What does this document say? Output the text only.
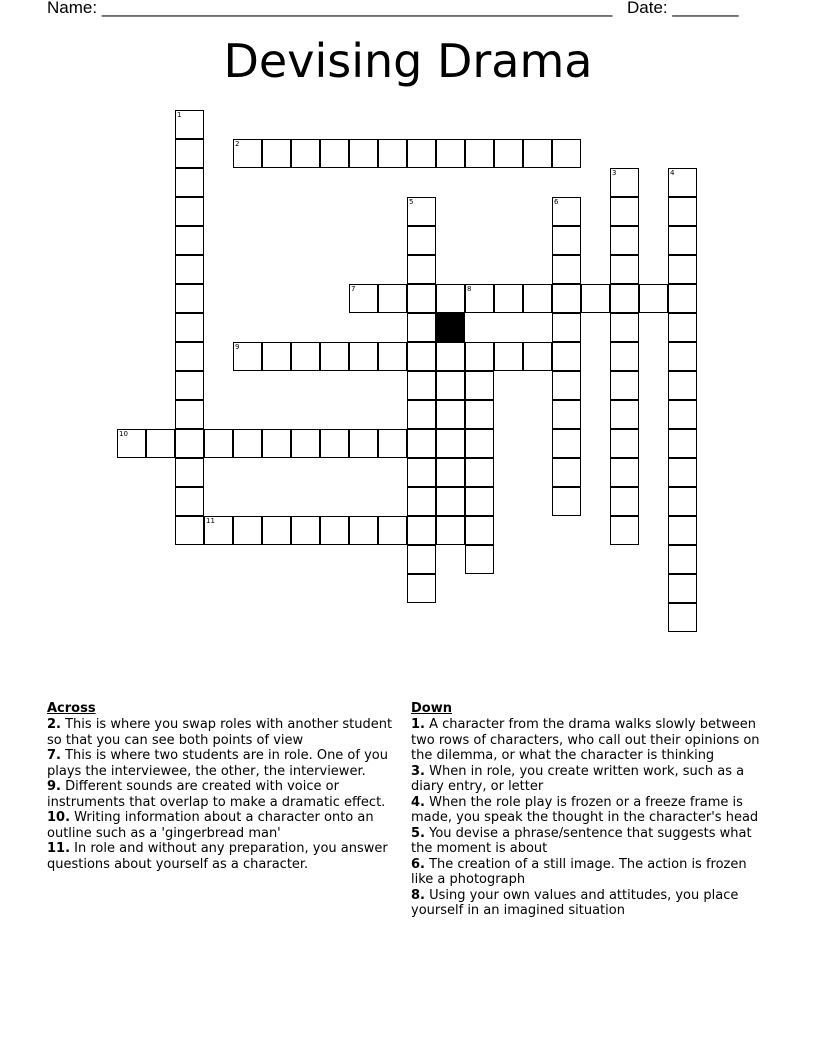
Name: ______________________________________________________ Date: _______
Devising Drama
1
2
3	4
5	6
7	8
10
11
9
Across

2. This is where you swap roles with another student so that you can see both points of view

7. This is where two students are in role. One of you plays the interviewee, the other, the interviewer.

9. Different sounds are created with voice or instruments that overlap to make a dramatic effect.

10. Writing information about a character onto an outline such as a 'gingerbread man'

11. In role and without any preparation, you answer questions about yourself as a character.

Down

1. A character from the drama walks slowly between two rows of characters, who call out their opinions on the dilemma, or what the character is thinking

3. When in role, you create written work, such as a diary entry, or letter

4. When the role play is frozen or a freeze frame is made, you speak the thought in the character's head

5. You devise a phrase/sentence that suggests what the moment is about

6. The creation of a still image. The action is frozen like a photograph

8. Using your own values and attitudes, you place yourself in an imagined situation
